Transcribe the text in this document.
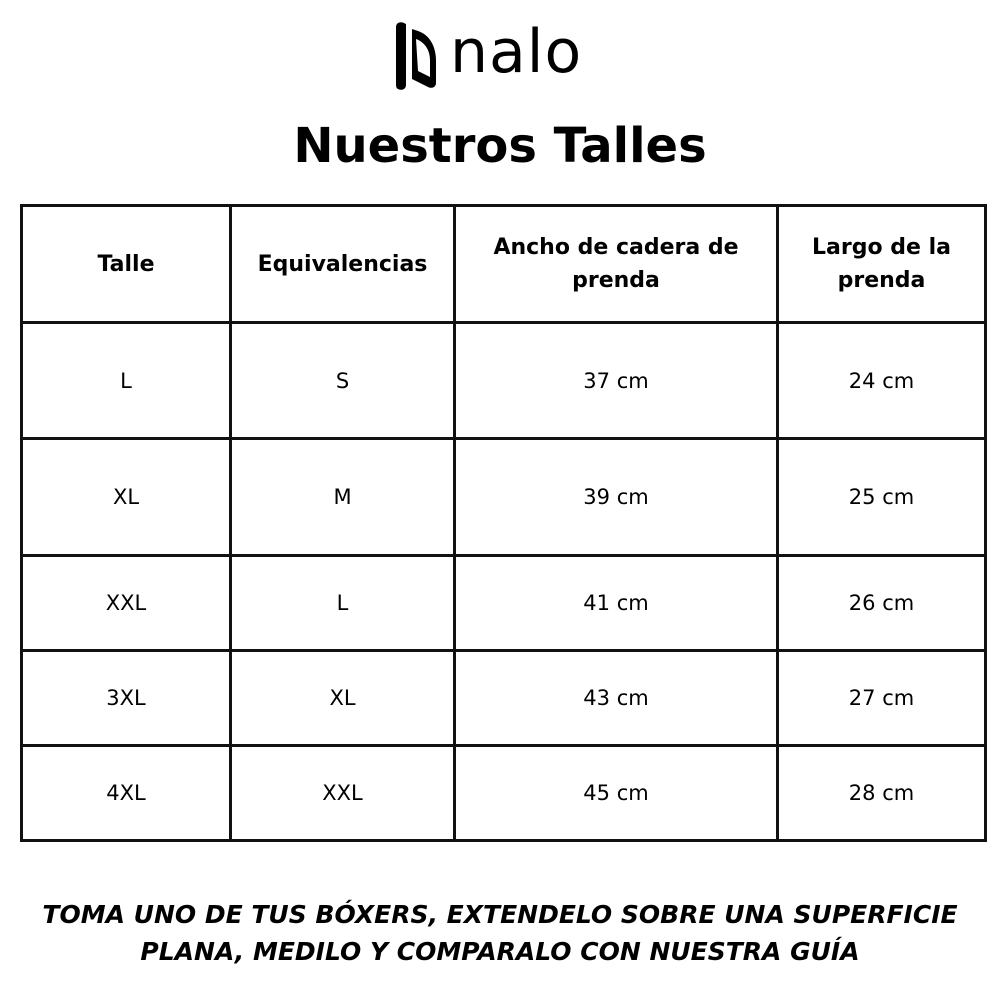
nalo
Nuestros Talles
Talle	Equivalencias	Ancho de cadera de prenda	Largo de la prenda
L	S	37 cm	24 cm
XL	M	39 cm	25 cm
XXL	L	41 cm	26 cm
3XL	XL	43 cm	27 cm
4XL	XXL	45 cm	28 cm

TOMA UNO DE TUS BÓXERS, EXTENDELO SOBRE UNA SUPERFICIE PLANA, MEDILO Y COMPARALO CON NUESTRA GUÍA
